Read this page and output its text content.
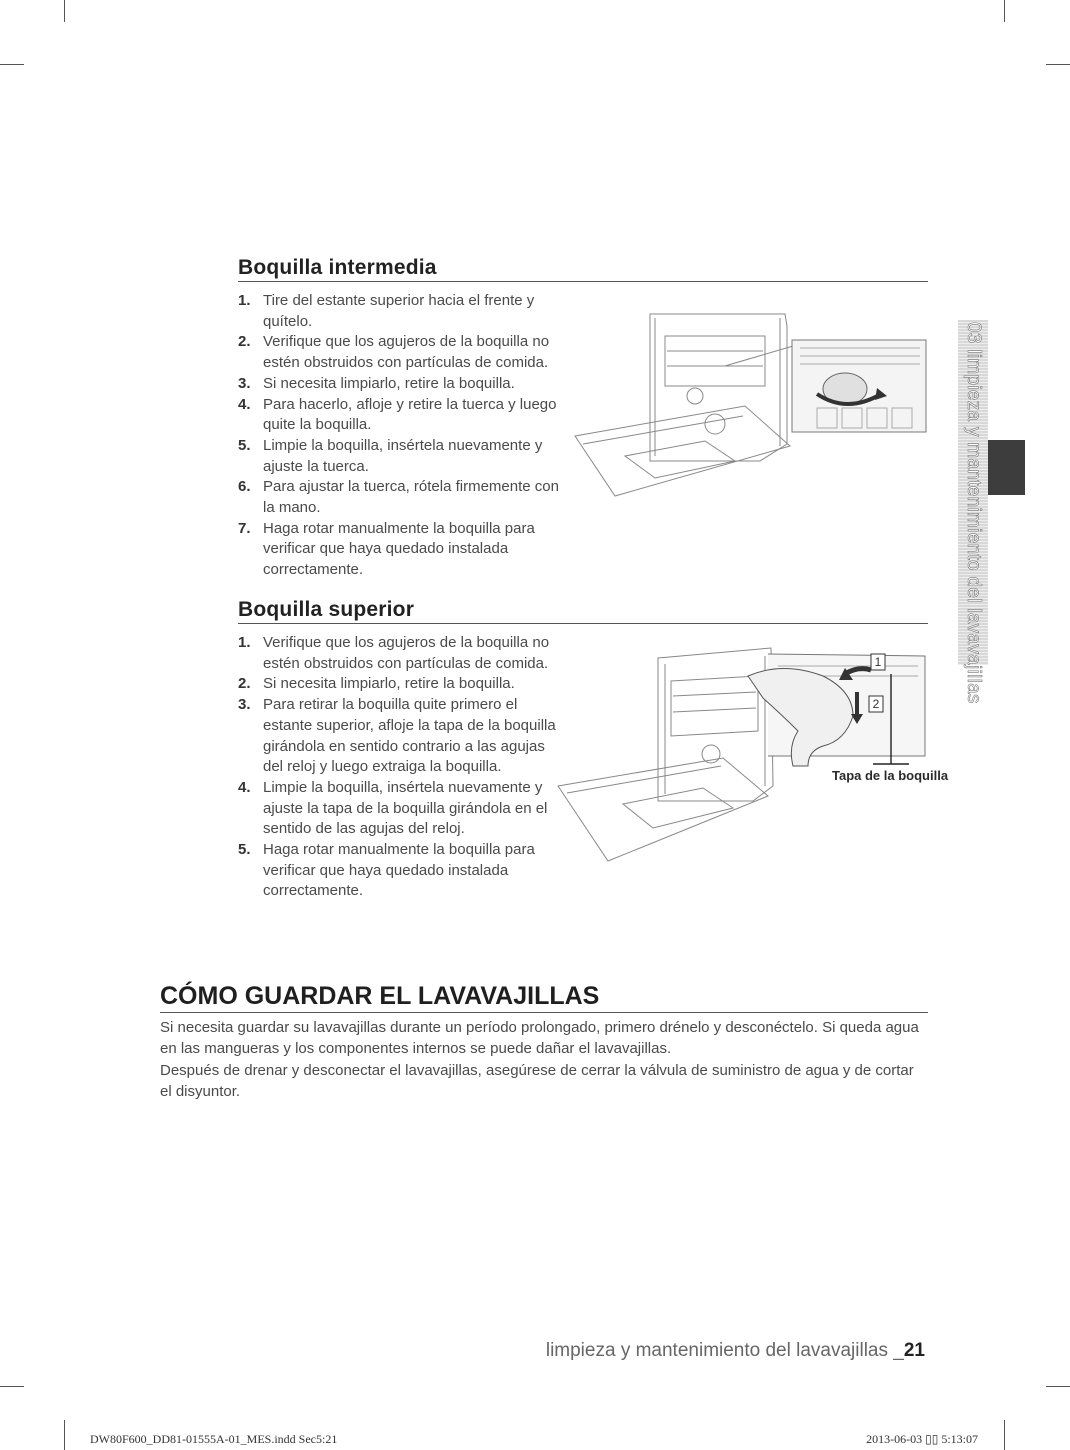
Boquilla intermedia
1. Tire del estante superior hacia el frente y quítelo.
2. Verifique que los agujeros de la boquilla no estén obstruidos con partículas de comida.
3. Si necesita limpiarlo, retire la boquilla.
4. Para hacerlo, afloje y retire la tuerca y luego quite la boquilla.
5. Limpie la boquilla, insértela nuevamente y ajuste la tuerca.
6. Para ajustar la tuerca, rótela firmemente con la mano.
7. Haga rotar manualmente la boquilla para verificar que haya quedado instalada correctamente.
Boquilla superior
1. Verifique que los agujeros de la boquilla no estén obstruidos con partículas de comida.
2. Si necesita limpiarlo, retire la boquilla.
3. Para retirar la boquilla quite primero el estante superior, afloje la tapa de la boquilla girándola en sentido contrario a las agujas del reloj y luego extraiga la boquilla.
4. Limpie la boquilla, insértela nuevamente y ajuste la tapa de la boquilla girándola en el sentido de las agujas del reloj.
5. Haga rotar manualmente la boquilla para verificar que haya quedado instalada correctamente.
1
2
Tapa de la boquilla
CÓMO GUARDAR EL LAVAVAJILLAS

Si necesita guardar su lavavajillas durante un período prolongado, primero drénelo y desconéctelo. Si queda agua en las mangueras y los componentes internos se puede dañar el lavavajillas.

Después de drenar y desconectar el lavavajillas, asegúrese de cerrar la válvula de suministro de agua y de cortar el disyuntor.

03 limpieza y mantenimiento del lavavajillas
limpieza y mantenimiento del lavavajillas _21
DW80F600_DD81-01555A-01_MES.indd Sec5:21	2013-06-03 ▯▯ 5:13:07
